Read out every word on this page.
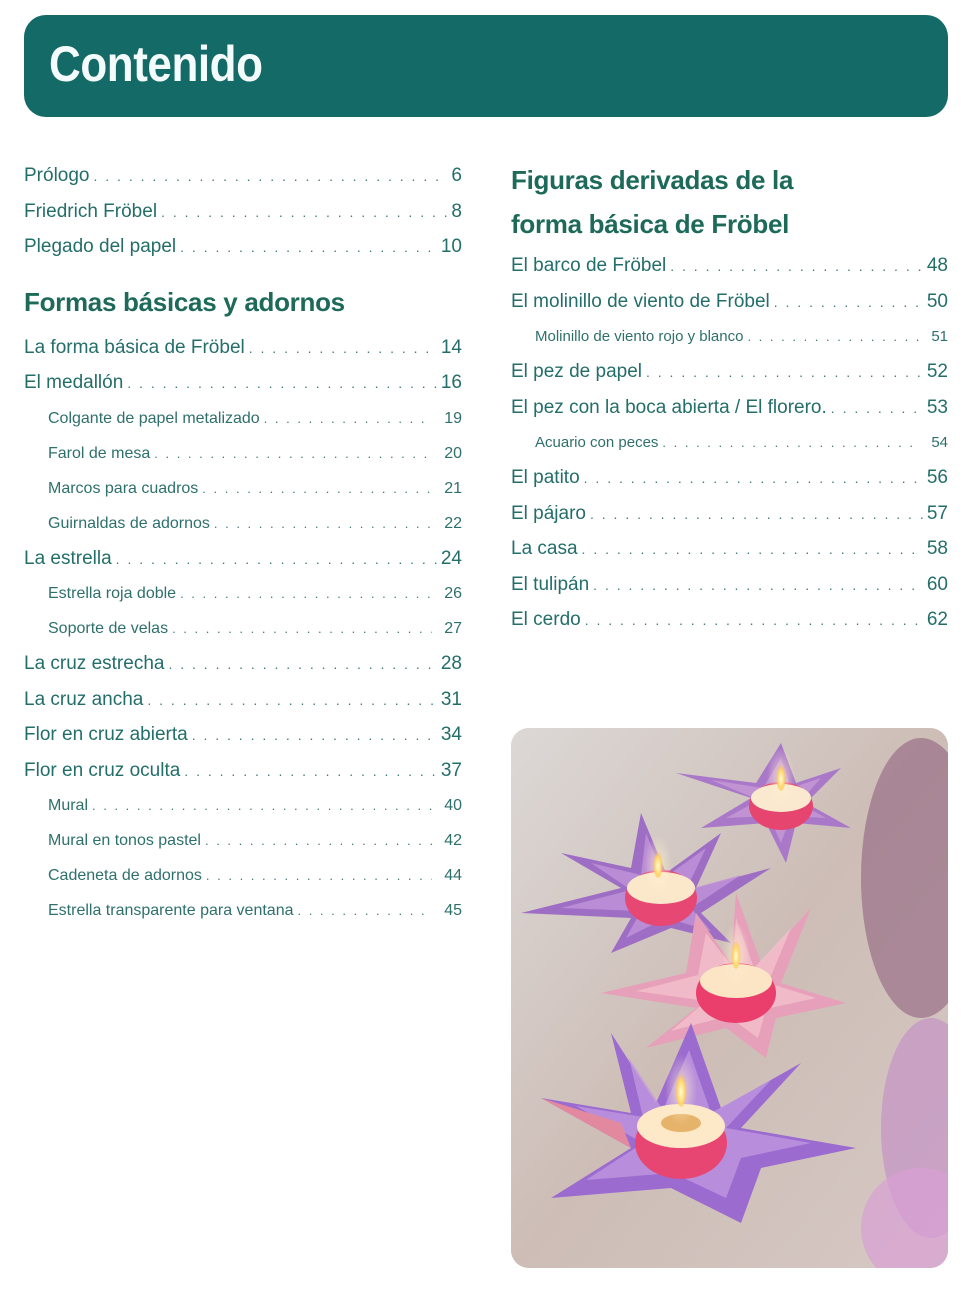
Contenido
Prólogo . . .	6
Friedrich Fröbel . . .	8
Plegado del papel . . .	10
Formas básicas y adornos
La forma básica de Fröbel . . .	14
El medallón . . .	16
Colgante de papel metalizado . . .	19
Farol de mesa . . .	20
Marcos para cuadros . . .	21
Guirnaldas de adornos . . .	22
La estrella . . .	24
Estrella roja doble . . .	26
Soporte de velas . . .	27
La cruz estrecha . . .	28
La cruz ancha . . .	31
Flor en cruz abierta . . .	34
Flor en cruz oculta . . .	37
Mural . . .	40
Mural en tonos pastel . . .	42
Cadeneta de adornos . . .	44
Estrella transparente para ventana . . .	45
Figuras derivadas de la
forma básica de Fröbel
El barco de Fröbel . . .	48
El molinillo de viento de Fröbel . . .	50
Molinillo de viento rojo y blanco . . .	51
El pez de papel . . .	52
El pez con la boca abierta / El florero. . . .	53
Acuario con peces . . .	54
El patito . . .	56
El pájaro . . .	57
La casa . . .	58
El tulipán . . .	60
El cerdo . . .	62
